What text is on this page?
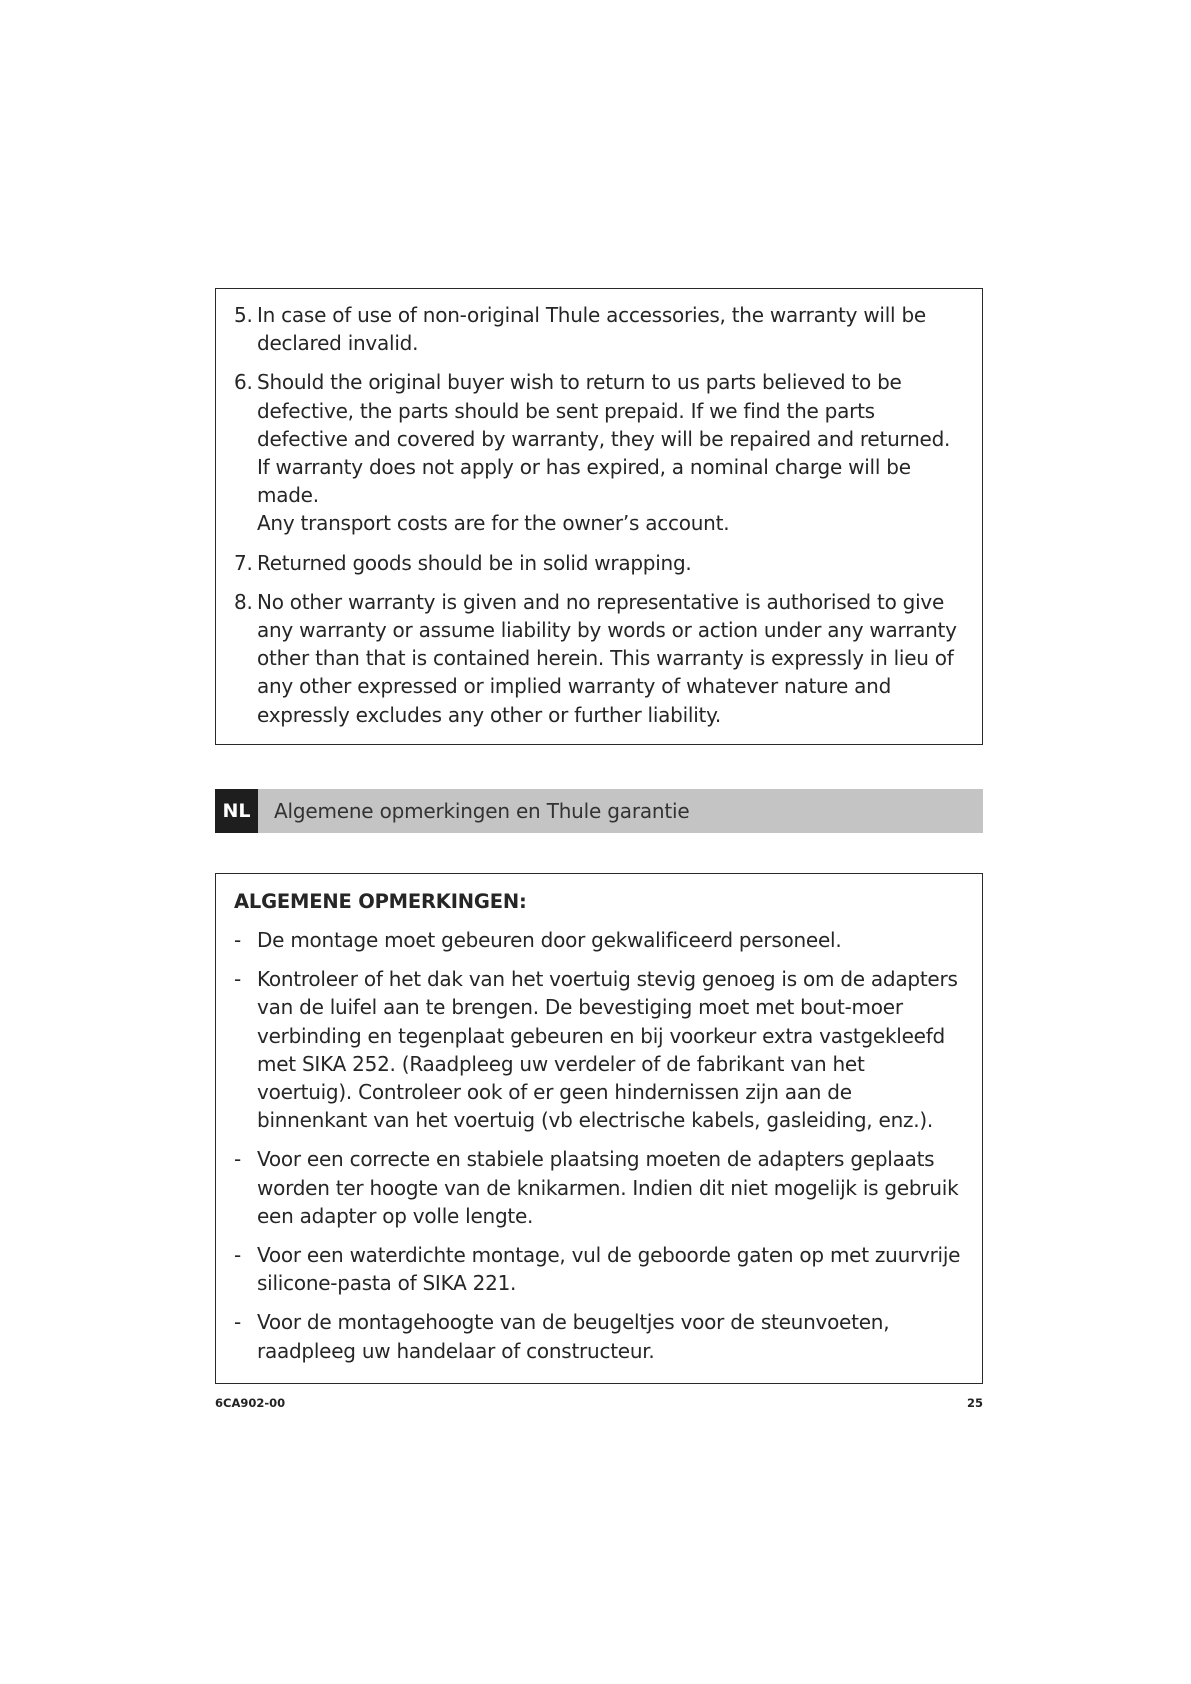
5. In case of use of non-original Thule accessories, the warranty will be declared invalid.
6. Should the original buyer wish to return to us parts believed to be defective, the parts should be sent prepaid. If we find the parts defective and covered by warranty, they will be repaired and returned. If warranty does not apply or has expired, a nominal charge will be made.
Any transport costs are for the owner’s account.
7. Returned goods should be in solid wrapping.
8. No other warranty is given and no representative is authorised to give any warranty or assume liability by words or action under any warranty other than that is contained herein. This warranty is expressly in lieu of any other expressed or implied warranty of whatever nature and expressly excludes any other or further liability.
NL	Algemene opmerkingen en Thule garantie
ALGEMENE OPMERKINGEN:
- De montage moet gebeuren door gekwalificeerd personeel.
- Kontroleer of het dak van het voertuig stevig genoeg is om de adapters van de luifel aan te brengen. De bevestiging moet met bout-moer verbinding en tegenplaat gebeuren en bij voorkeur extra vastgekleefd met SIKA 252. (Raadpleeg uw verdeler of de fabrikant van het voertuig). Controleer ook of er geen hindernissen zijn aan de binnenkant van het voertuig (vb electrische kabels, gasleiding, enz.).
- Voor een correcte en stabiele plaatsing moeten de adapters geplaats worden ter hoogte van de knikarmen. Indien dit niet mogelijk is gebruik een adapter op volle lengte.
- Voor een waterdichte montage, vul de geboorde gaten op met zuurvrije silicone-pasta of SIKA 221.
- Voor de montagehoogte van de beugeltjes voor de steunvoeten, raadpleeg uw handelaar of constructeur.
6CA902-00	25
